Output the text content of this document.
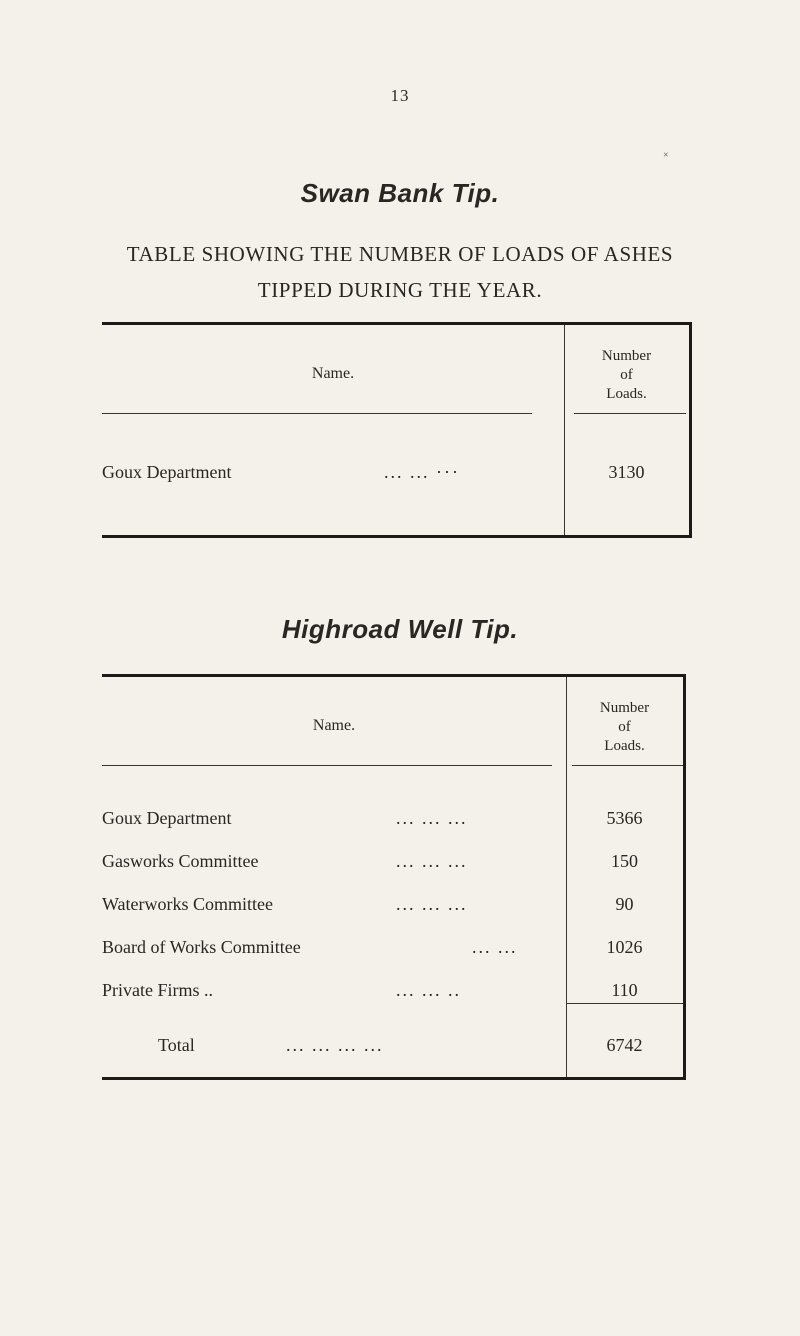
13
×
Swan Bank Tip.
TABLE SHOWING THE NUMBER OF LOADS OF ASHES
TIPPED DURING THE YEAR.
Name.
Number
of
Loads.
Goux Department	... ... ···	3130
Highroad Well Tip.
Name.
Number
of
Loads.
Goux Department	... ... ...	5366
Gasworks Committee	... ... ...	150
Waterworks Committee	... ... ...	90
Board of Works Committee	... ...	1026
Private Firms ..	... ... ..	110
Total	... ... ... ...	6742
